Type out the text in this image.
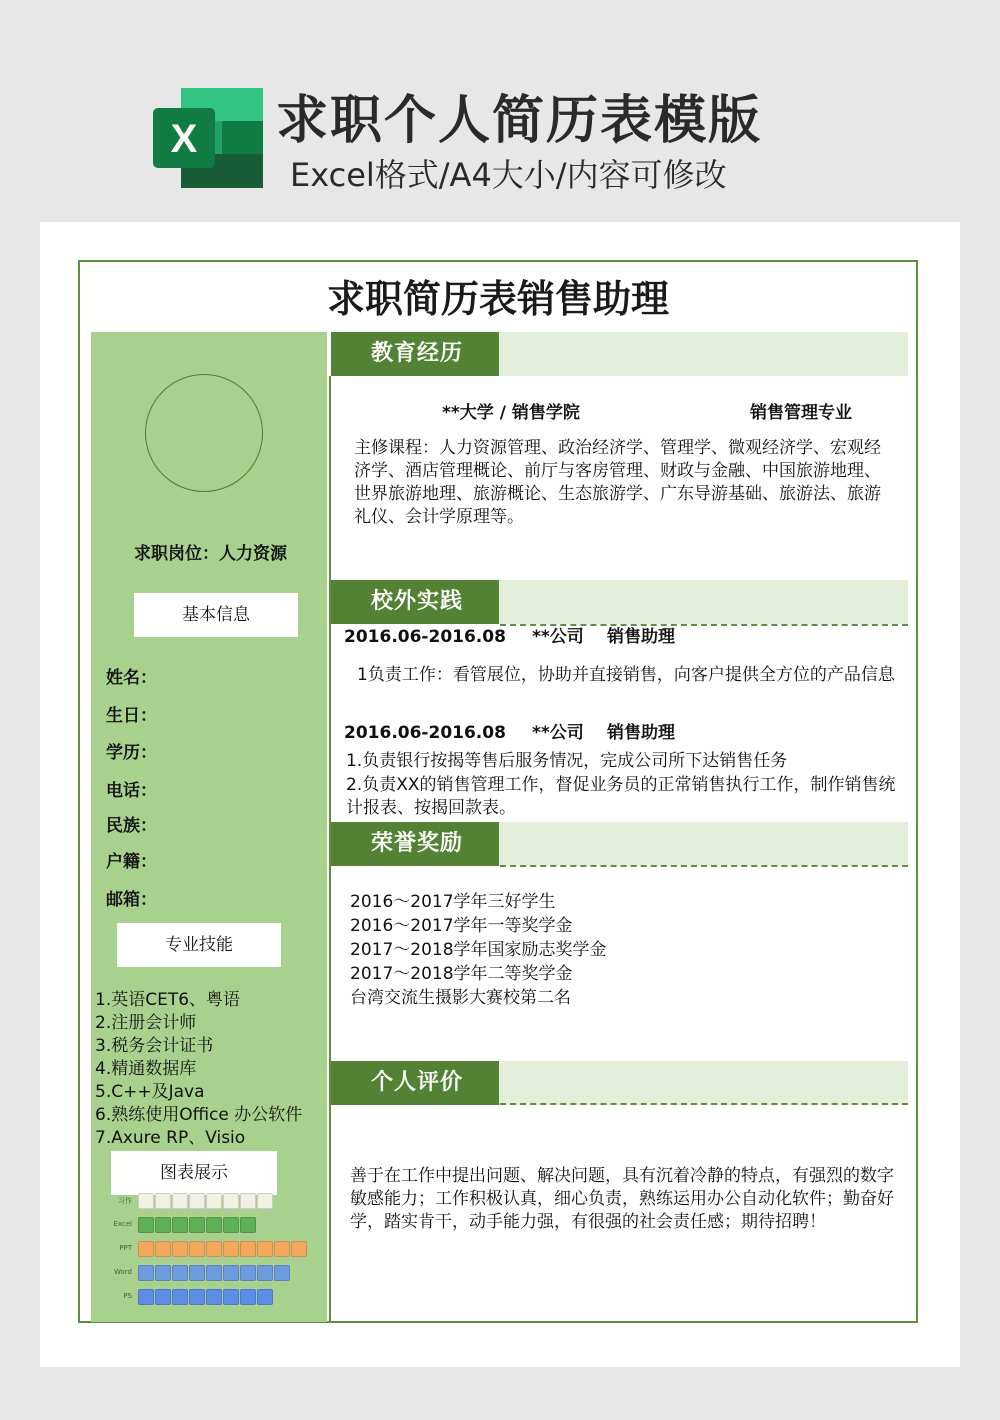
X 求职个人简历表模版
Excel格式/A4大小/内容可修改
求职简历表销售助理
求职岗位：人力资源
基本信息
姓名：
生日：
学历：
电话：
民族：
户籍：
邮箱：
专业技能
1.英语CET6、粤语
2.注册会计师
3.税务会计证书
4.精通数据库
5.C++及Java
6.熟练使用Office 办公软件
7.Axure RP、Visio
图表展示
习作
Excel
PPT
Word
PS
教育经历
**大学 / 销售学院	销售管理专业
主修课程：人力资源管理、政治经济学、管理学、微观经济学、宏观经济学、酒店管理概论、前厅与客房管理、财政与金融、中国旅游地理、世界旅游地理、旅游概论、生态旅游学、广东导游基础、旅游法、旅游礼仪、会计学原理等。
校外实践
2016.06-2016.08 **公司 销售助理
1负责工作：看管展位，协助并直接销售，向客户提供全方位的产品信息
2016.06-2016.08 **公司 销售助理
1.负责银行按揭等售后服务情况，完成公司所下达销售任务
2.负责XX的销售管理工作，督促业务员的正常销售执行工作，制作销售统计报表、按揭回款表。
荣誉奖励
2016～2017学年三好学生
2016～2017学年一等奖学金
2017～2018学年国家励志奖学金
2017～2018学年二等奖学金
台湾交流生摄影大赛校第二名
个人评价
善于在工作中提出问题、解决问题，具有沉着冷静的特点，有强烈的数字敏感能力；工作积极认真，细心负责，熟练运用办公自动化软件；勤奋好学，踏实肯干，动手能力强，有很强的社会责任感；期待招聘！
